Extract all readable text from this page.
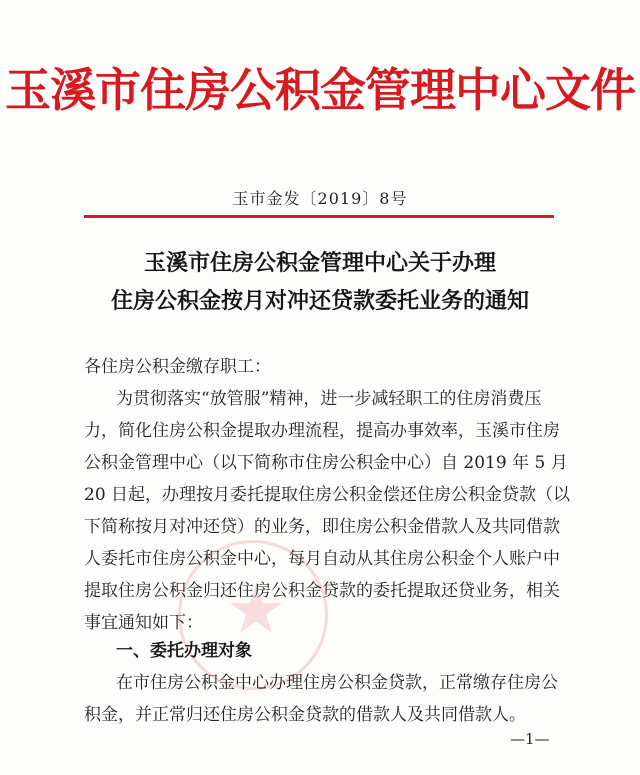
玉溪市住房公积金管理中心文件
玉市金发〔2019〕8号
玉溪市住房公积金管理中心关于办理
住房公积金按月对冲还贷款委托业务的通知
各住房公积金缴存职工：
为贯彻落实“放管服”精神，进一步减轻职工的住房消费压
力，简化住房公积金提取办理流程，提高办事效率，玉溪市住房
公积金管理中心（以下简称市住房公积金中心）自 2019 年 5 月
20 日起，办理按月委托提取住房公积金偿还住房公积金贷款（以
下简称按月对冲还贷）的业务，即住房公积金借款人及共同借款
人委托市住房公积金中心，每月自动从其住房公积金个人账户中
提取住房公积金归还住房公积金贷款的委托提取还贷业务，相关
事宜通知如下：
一、委托办理对象
在市住房公积金中心办理住房公积金贷款，正常缴存住房公
积金，并正常归还住房公积金贷款的借款人及共同借款人。
—1—
